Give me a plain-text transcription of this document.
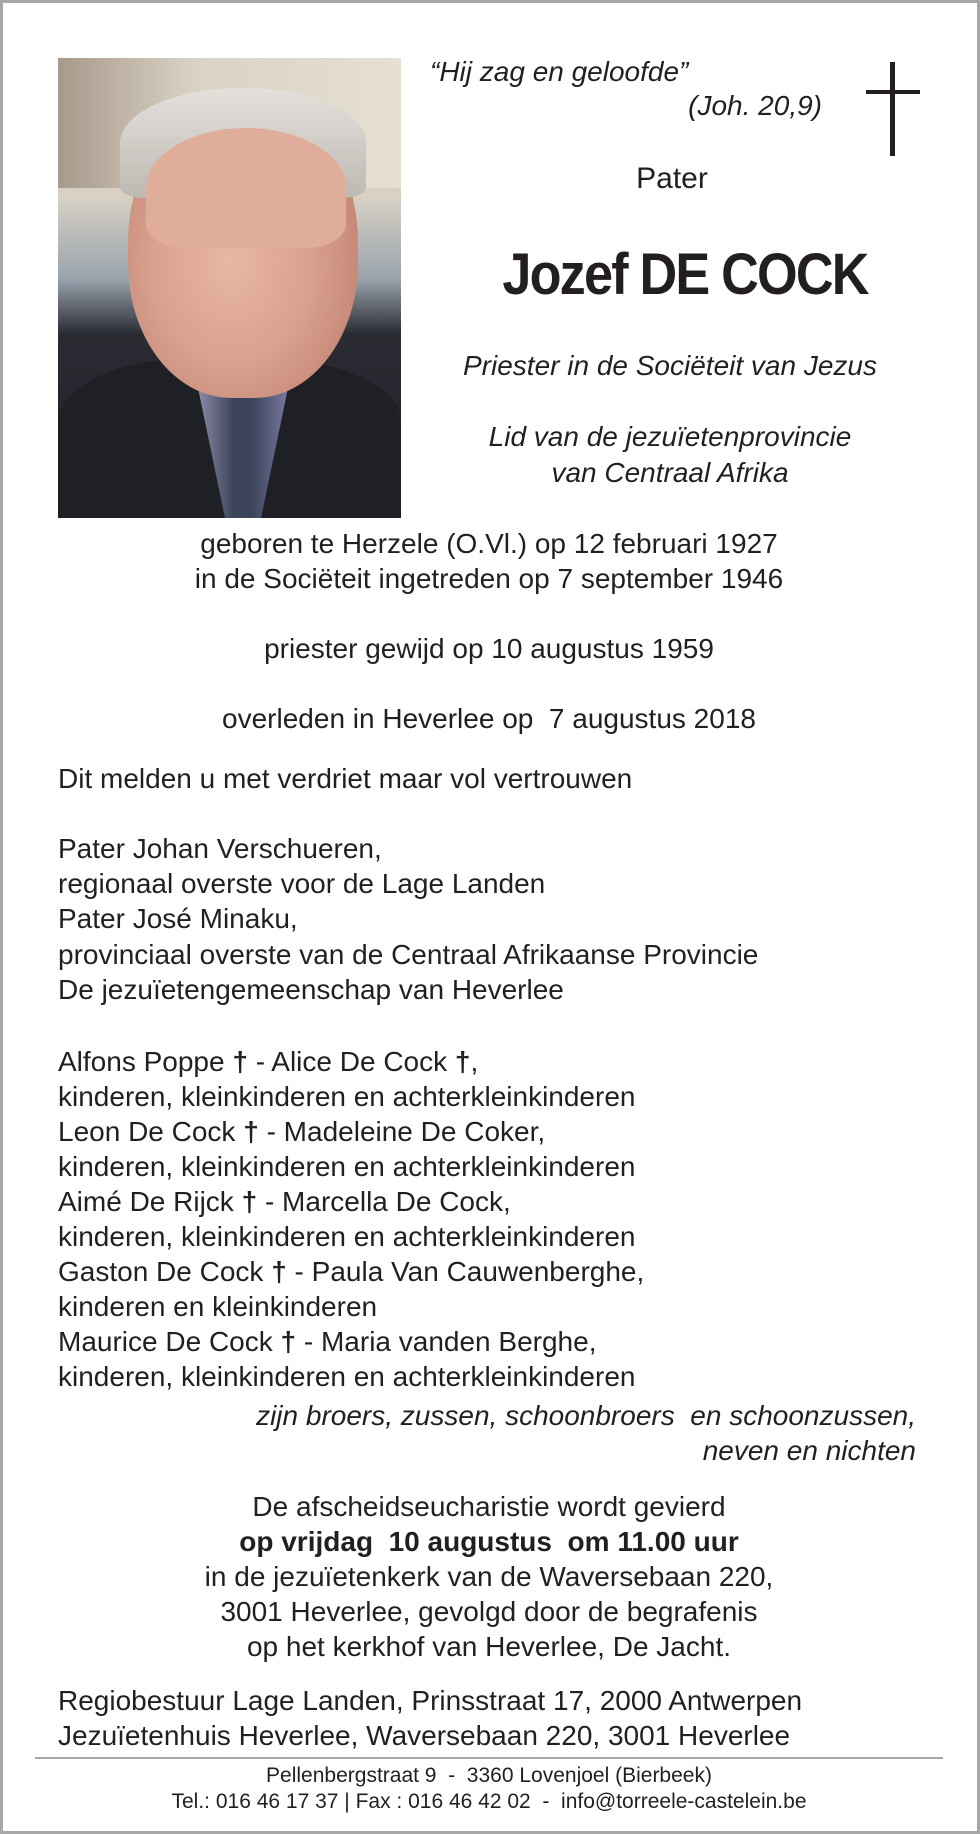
“Hij zag en geloofde”
(Joh. 20,9)
Pater
Jozef DE COCK
Priester in de Sociëteit van Jezus
Lid van de jezuïetenprovincie
van Centraal Afrika
geboren te Herzele (O.Vl.) op 12 februari 1927
in de Sociëteit ingetreden op 7 september 1946
priester gewijd op 10 augustus 1959
overleden in Heverlee op  7 augustus 2018
Dit melden u met verdriet maar vol vertrouwen
Pater Johan Verschueren,
regionaal overste voor de Lage Landen
Pater José Minaku,
provinciaal overste van de Centraal Afrikaanse Provincie
De jezuïetengemeenschap van Heverlee
Alfons Poppe † - Alice De Cock †,
kinderen, kleinkinderen en achterkleinkinderen
Leon De Cock † - Madeleine De Coker,
kinderen, kleinkinderen en achterkleinkinderen
Aimé De Rijck † - Marcella De Cock,
kinderen, kleinkinderen en achterkleinkinderen
Gaston De Cock † - Paula Van Cauwenberghe,
kinderen en kleinkinderen
Maurice De Cock † - Maria vanden Berghe,
kinderen, kleinkinderen en achterkleinkinderen
zijn broers, zussen, schoonbroers  en schoonzussen,
neven en nichten
De afscheidseucharistie wordt gevierd
op vrijdag  10 augustus  om 11.00 uur
in de jezuïetenkerk van de Waversebaan 220,
3001 Heverlee, gevolgd door de begrafenis
op het kerkhof van Heverlee, De Jacht.
Regiobestuur Lage Landen, Prinsstraat 17, 2000 Antwerpen
Jezuïetenhuis Heverlee, Waversebaan 220, 3001 Heverlee
Pellenbergstraat 9  -  3360 Lovenjoel (Bierbeek)
Tel.: 016 46 17 37 | Fax : 016 46 42 02  -  info@torreele-castelein.be
